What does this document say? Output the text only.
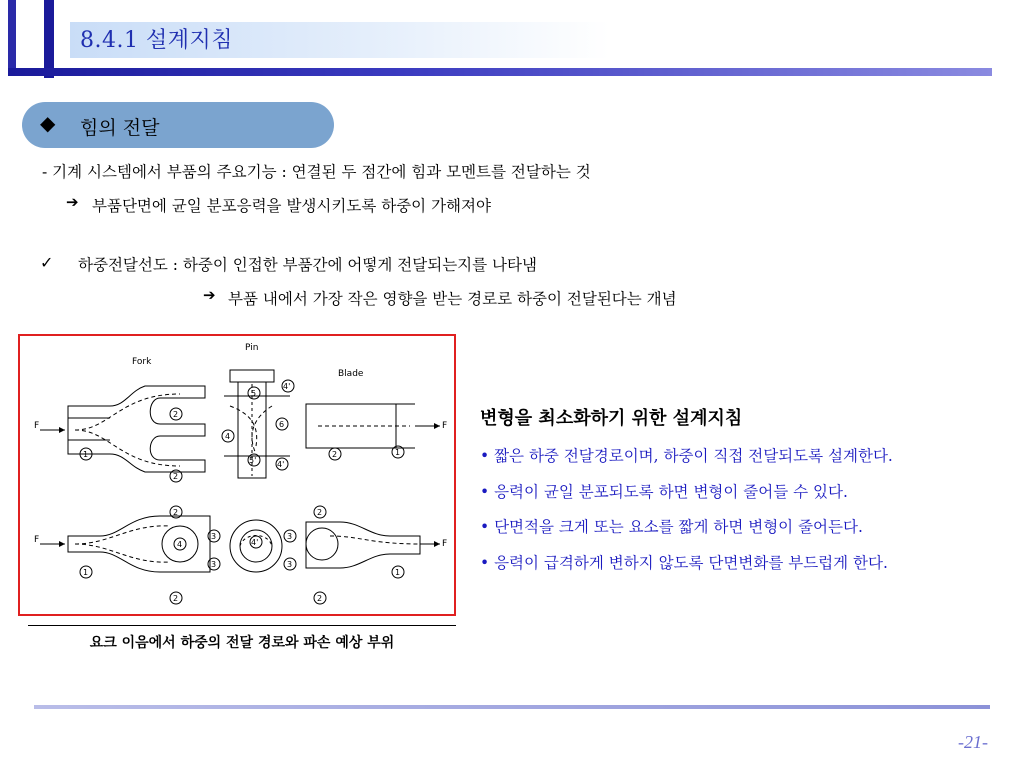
8.4.1 설계지침
◆ 힘의 전달
- 기계 시스템에서 부품의 주요기능 : 연결된 두 점간에 힘과 모멘트를 전달하는 것
➔ 부품단면에 균일 분포응력을 발생시키도록 하중이 가해져야
✓ 하중전달선도 : 하중이 인접한 부품간에 어떻게 전달되는지를 나타냄
➔ 부품 내에서 가장 작은 영향을 받는 경로로 하중이 전달된다는 개념
Fork
F
Pin
Blade
F
F	F
1
2
2
5
4'
6
4
5'	4'
2	1
1
2
2
3
3
4	4'
3
3
2
2
1
요크 이음에서 하중의 전달 경로와 파손 예상 부위
변형을 최소화하기 위한 설계지침
• 짧은 하중 전달경로이며, 하중이 직접 전달되도록 설계한다.
• 응력이 균일 분포되도록 하면 변형이 줄어들 수 있다.
• 단면적을 크게 또는 요소를 짧게 하면 변형이 줄어든다.
• 응력이 급격하게 변하지 않도록 단면변화를 부드럽게 한다.
-21-
